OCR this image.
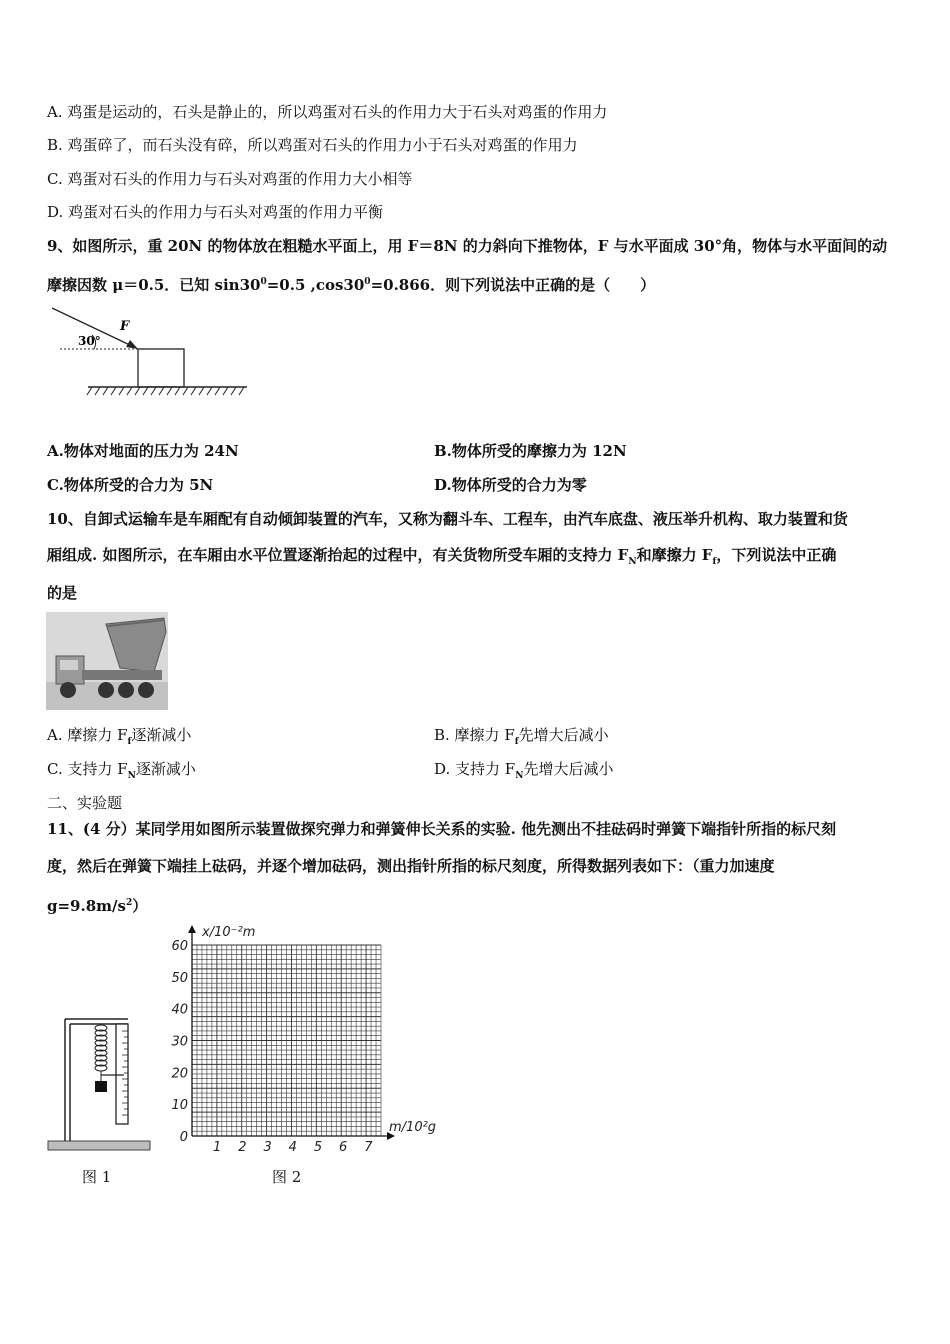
A. 鸡蛋是运动的，石头是静止的，所以鸡蛋对石头的作用力大于石头对鸡蛋的作用力
B. 鸡蛋碎了，而石头没有碎，所以鸡蛋对石头的作用力小于石头对鸡蛋的作用力
C. 鸡蛋对石头的作用力与石头对鸡蛋的作用力大小相等
D. 鸡蛋对石头的作用力与石头对鸡蛋的作用力平衡
9、如图所示，重 20N 的物体放在粗糙水平面上，用 F＝8N 的力斜向下推物体，F 与水平面成 30°角，物体与水平面间的动
摩擦因数 μ＝0.5．已知 $\sin 30^0=0.5$ $,\cos 30^0=0.866$．则下列说法中正确的是（　　）
30°
F
A.物体对地面的压力为 24N	B.物体所受的摩擦力为 12N
C.物体所受的合力为 5N	D.物体所受的合力为零
10、自卸式运输车是车厢配有自动倾卸装置的汽车，又称为翻斗车、工程车，由汽车底盘、液压举升机构、取力装置和货
厢组成. 如图所示，在车厢由水平位置逐渐抬起的过程中，有关货物所受车厢的支持力 $F_N$和摩擦力 $F_f$，下列说法中正确
的是
A. 摩擦力 $F_f$逐渐减小	B. 摩擦力 $F_f$先增大后减小
C. 支持力 $F_N$逐渐减小	D. 支持力 $F_N$先增大后减小
二、实验题
11、(4 分）某同学用如图所示装置做探究弹力和弹簧伸长关系的实验. 他先测出不挂砝码时弹簧下端指针所指的标尺刻
度，然后在弹簧下端挂上砝码，并逐个增加砝码，测出指针所指的标尺刻度，所得数据列表如下：（重力加速度
$g=9.8m/s^2$）
1 2 3 4 5 6 7
0
10
20
30
40
50
60
x/10⁻²m
m/10²g
图 1	图 2
